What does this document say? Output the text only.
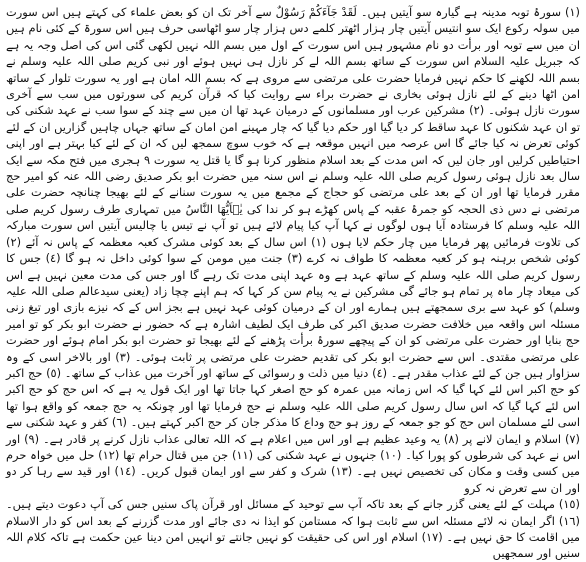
(١) سورۂ توبہ مدینہ ہے گیارہ سو آیتیں ہیں۔ لَقَدْ جَآءَکُمْ رَسُوْلٌ سے آخر تک ان کو بعض علماء کی کہتے ہیں اس سورت میں سولہ رکوع ایک سو انتیس آیتیں چار ہزار اٹھتر کلمے دس ہزار چار سو اٹھاسی حرف ہیں اس سورۃ کے کئی نام ہیں ان میں سے توبہ اور برأت دو نام مشہور ہیں اس سورت کے اول میں بسم اللہ نہیں لکھی گئی اس کی اصل وجہ یہ ہے کہ جبریل علیہ السلام اس سورت کے ساتھ بسم اللہ لے کر نازل ہی نہیں ہوئے اور نبی کریم صلی اللہ علیہ وسلم نے بسم اللہ لکھنے کا حکم نہیں فرمایا حضرت علی مرتضی سے مروی ہے کہ بسم اللہ امان ہے اور یہ سورت تلوار کے ساتھ امن اٹھا دینے کے لئے نازل ہوئی بخاری نے حضرت براء سے روایت کیا کہ قرآن کریم کی سورتوں میں سب سے آخری سورت نازل ہوئی۔ (٢) مشرکین عرب اور مسلمانوں کے درمیان عہد تھا ان میں سے چند کے سوا سب نے عہد شکنی کی تو ان عہد شکنوں کا عہد ساقط کر دیا گیا اور حکم دیا گیا کہ چار مہینے امن امان کے ساتھ جہاں چاہیں گزاریں ان کے لئے کوئی تعرض نہ کیا جائے گا اس عرصہ میں انہیں موقعہ ہے کہ خوب سوچ سمجھ لیں کہ ان کے لئے کیا بہتر ہے اور اپنی احتیاطیں کرلیں اور جان لیں کہ اس مدت کے بعد اسلام منظور کرنا ہو گا یا قتل یہ سورت ٩ ہجری میں فتح مکہ سے ایک سال بعد نازل ہوئی رسول کریم صلی اللہ علیہ وسلم نے اس سنہ میں حضرت ابو بکر صدیق رضی اللہ عنہ کو امیر حج مقرر فرمایا تھا اور ان کے بعد علی مرتضی کو حجاج کے مجمع میں یہ سورت سنانے کے لئے بھیجا چنانچہ حضرت علی مرتضی نے دس ذی الحجہ کو جمرۂ عقبہ کے پاس کھڑے ہو کر ندا کی یٰۤاَیُّهَا النَّاسُ میں تمہاری طرف رسول کریم صلی اللہ علیہ وسلم کا فرستادہ آیا ہوں لوگوں نے کہا آپ کیا پیام لائے ہیں تو آپ نے تیس یا چالیس آیتیں اس سورت مبارکہ کی تلاوت فرمائیں پھر فرمایا میں چار حکم لایا ہوں (١) اس سال کے بعد کوئی مشرک کعبہ معظمہ کے پاس نہ آئے (٢) کوئی شخص برہنہ ہو کر کعبہ معظمہ کا طواف نہ کرے (٣) جنت میں مومن کے سوا کوئی داخل نہ ہو گا (٤) جس کا رسول کریم صلی اللہ علیہ وسلم کے ساتھ عہد ہے وہ عہد اپنی مدت تک رہے گا اور جس کی مدت معین نہیں ہے اس کی میعاد چار ماہ پر تمام ہو جائے گی مشرکین نے یہ پیام سن کر کہا کہ ہم اپنے چچا زاد (یعنی سیدعالم صلی اللہ علیہ وسلم) کو عہد سے بری سمجھتے ہیں ہمارے اور ان کے درمیان کوئی عہد نہیں ہے بجز اس کے کہ نیزے بازی اور تیغ زنی مسئلہ اس واقعہ میں خلافت حضرت صدیق اکبر کی طرف ایک لطیف اشارہ ہے کہ حضور نے حضرت ابو بکر کو تو امیر حج بنایا اور حضرت علی مرتضی کو ان کے پیچھے سورۂ برأت پڑھنے کے لئے بھیجا تو حضرت ابو بکر امام ہوئے اور حضرت علی مرتضی مقتدی۔ اس سے حضرت ابو بکر کی تقدیم حضرت علی مرتضی پر ثابت ہوئی۔ (٣) اور بالاخر اسی کے وہ سزاوار ہیں جن کے لئے عذاب مقدر ہے۔ (٤) دنیا میں ذلت و رسوائی کے ساتھ اور آخرت میں عذاب کے ساتھ۔ (٥) حج اکبر کو حج اکبر اس لئے کہا گیا کہ اس زمانہ میں عمرہ کو حج اصغر کہا جاتا تھا اور ایک قول یہ ہے کہ اس حج کو حج اکبر اس لئے کہا گیا کہ اس سال رسول کریم صلی اللہ علیہ وسلم نے حج فرمایا تھا اور چونکہ یہ حج جمعہ کو واقع ہوا تھا اسی لئے مسلمان اس حج کو جو جمعہ کے روز ہو حج وداع کا مذکر جان کر حج اکبر کہتے ہیں۔ (٦) کفر و عہد شکنی سے (٧) اسلام و ایمان لانے پر (٨) یہ وعید عظیم ہے اور اس میں اعلام ہے کہ اللہ تعالی عذاب نازل کرنے پر قادر ہے۔ (٩) اور اس نے عہد کی شرطوں کو پورا کیا۔ (١٠) جنہوں نے عہد شکنی کی (١١) جن میں قتال حرام تھا (١٢) حل میں خواہ حرم میں کسی وقت و مکان کی تخصیص نہیں ہے۔ (١٣) شرک و کفر سے اور ایمان قبول کریں۔ (١٤) اور قید سے رہا کر دو اور ان سے تعرض نہ کرو

(١٥) مہلت کے لئے یعنی گزر جانے کے بعد تاکہ آپ سے توحید کے مسائل اور قرآن پاک سنیں جس کی آپ دعوت دیتے ہیں۔ (١٦) اگر ایمان نہ لائے مسئلہ اس سے ثابت ہوا کہ مستامن کو ایذا نہ دی جائے اور مدت گزرنے کے بعد اس کو دار الاسلام میں اقامت کا حق نہیں ہے۔ (١٧) اسلام اور اس کی حقیقت کو نہیں جانتے تو انہیں امن دینا عین حکمت ہے تاکہ کلام اللہ سنیں اور سمجھیں
